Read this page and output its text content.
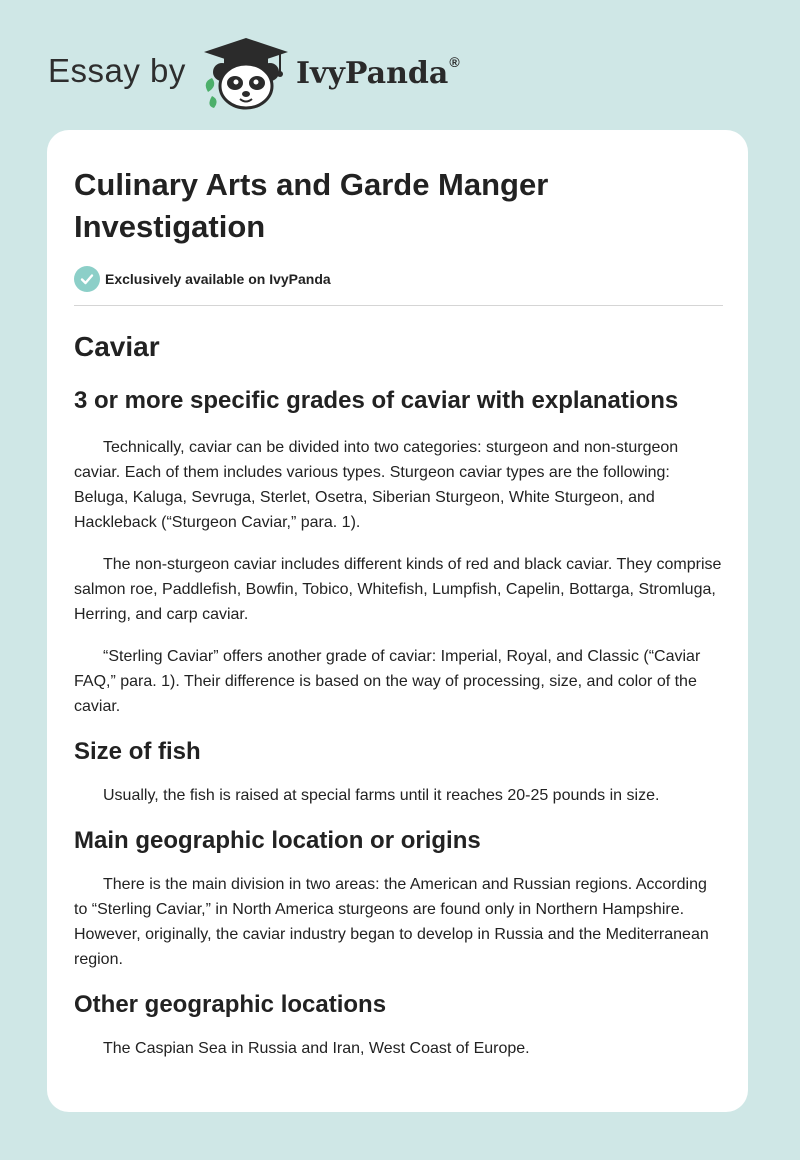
Essay by	IvyPanda®
Culinary Arts and Garde Manger Investigation
Exclusively available on IvyPanda
Caviar
3 or more specific grades of caviar with explanations

Technically, caviar can be divided into two categories: sturgeon and non-sturgeon caviar. Each of them includes various types. Sturgeon caviar types are the following: Beluga, Kaluga, Sevruga, Sterlet, Osetra, Siberian Sturgeon, White Sturgeon, and Hackleback (“Sturgeon Caviar,” para. 1).

The non-sturgeon caviar includes different kinds of red and black caviar. They comprise salmon roe, Paddlefish, Bowfin, Tobico, Whitefish, Lumpfish, Capelin, Bottarga, Stromluga, Herring, and carp caviar.

“Sterling Caviar” offers another grade of caviar: Imperial, Royal, and Classic (“Caviar FAQ,” para. 1). Their difference is based on the way of processing, size, and color of the caviar.

Size of fish

Usually, the fish is raised at special farms until it reaches 20-25 pounds in size.

Main geographic location or origins

There is the main division in two areas: the American and Russian regions. According to “Sterling Caviar,” in North America sturgeons are found only in Northern Hampshire. However, originally, the caviar industry began to develop in Russia and the Mediterranean region.

Other geographic locations

The Caspian Sea in Russia and Iran, West Coast of Europe.
